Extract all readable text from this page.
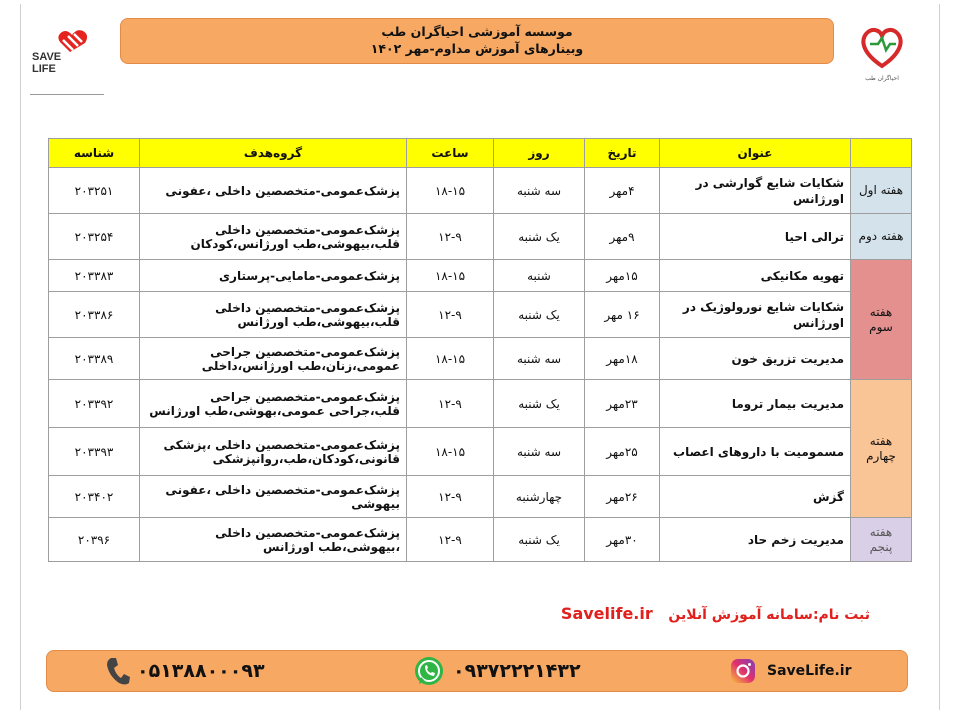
SAVE
LIFE
احیاگران طب
موسسه آموزشی احیاگران طب
وبینارهای آموزش مداوم-مهر ۱۴۰۲
	عنوان	تاریخ	روز	ساعت	گروه‌هدف	شناسه
هفته اول	شکایات شایع گوارشی در اورژانس	۴مهر	سه شنبه	۱۸-۱۵	پزشک‌عمومی-متخصصین داخلی ،عفونی	۲۰۳۲۵۱
هفته دوم	ترالی احیا	۹مهر	یک شنبه	۱۲-۹	پزشک‌عمومی-متخصصین داخلی قلب،بیهوشی،طب اورژانس،کودکان	۲۰۳۲۵۴
هفته سوم	تهویه مکانیکی	۱۵مهر	شنبه	۱۸-۱۵	پزشک‌عمومی-مامایی-پرستاری	۲۰۳۳۸۳
	شکایات شایع نورولوژیک در اورژانس	۱۶ مهر	یک شنبه	۱۲-۹	پزشک‌عمومی-متخصصین داخلی قلب،بیهوشی،طب اورژانس	۲۰۳۳۸۶
	مدیریت تزریق خون	۱۸مهر	سه شنبه	۱۸-۱۵	پزشک‌عمومی-متخصصین جراحی عمومی،زنان،طب اورژانس،داخلی	۲۰۳۳۸۹
هفته چهارم	مدیریت بیمار تروما	۲۳مهر	یک شنبه	۱۲-۹	پزشک‌عمومی-متخصصین جراحی قلب،جراحی عمومی،بهوشی،طب اورژانس	۲۰۳۳۹۲
	مسمومیت با داروهای اعصاب	۲۵مهر	سه شنبه	۱۸-۱۵	پزشک‌عمومی-متخصصین داخلی ،پزشکی قانونی،کودکان،طب،روانپزشکی	۲۰۳۳۹۳
	گزش	۲۶مهر	چهارشنبه	۱۲-۹	پزشک‌عمومی-متخصصین داخلی ،عفونی بیهوشی	۲۰۳۴۰۲
هفته پنجم	مدیریت زخم حاد	۳۰مهر	یک شنبه	۱۲-۹	پزشک‌عمومی-متخصصین داخلی ،بیهوشی،طب اورژانس	۲۰۳۹۶
ثبت نام:سامانه آموزش آنلاین Savelife.ir
۰۵۱۳۸۸۰۰۰۹۳	۰۹۳۷۲۲۲۱۴۳۲	SaveLife.ir
